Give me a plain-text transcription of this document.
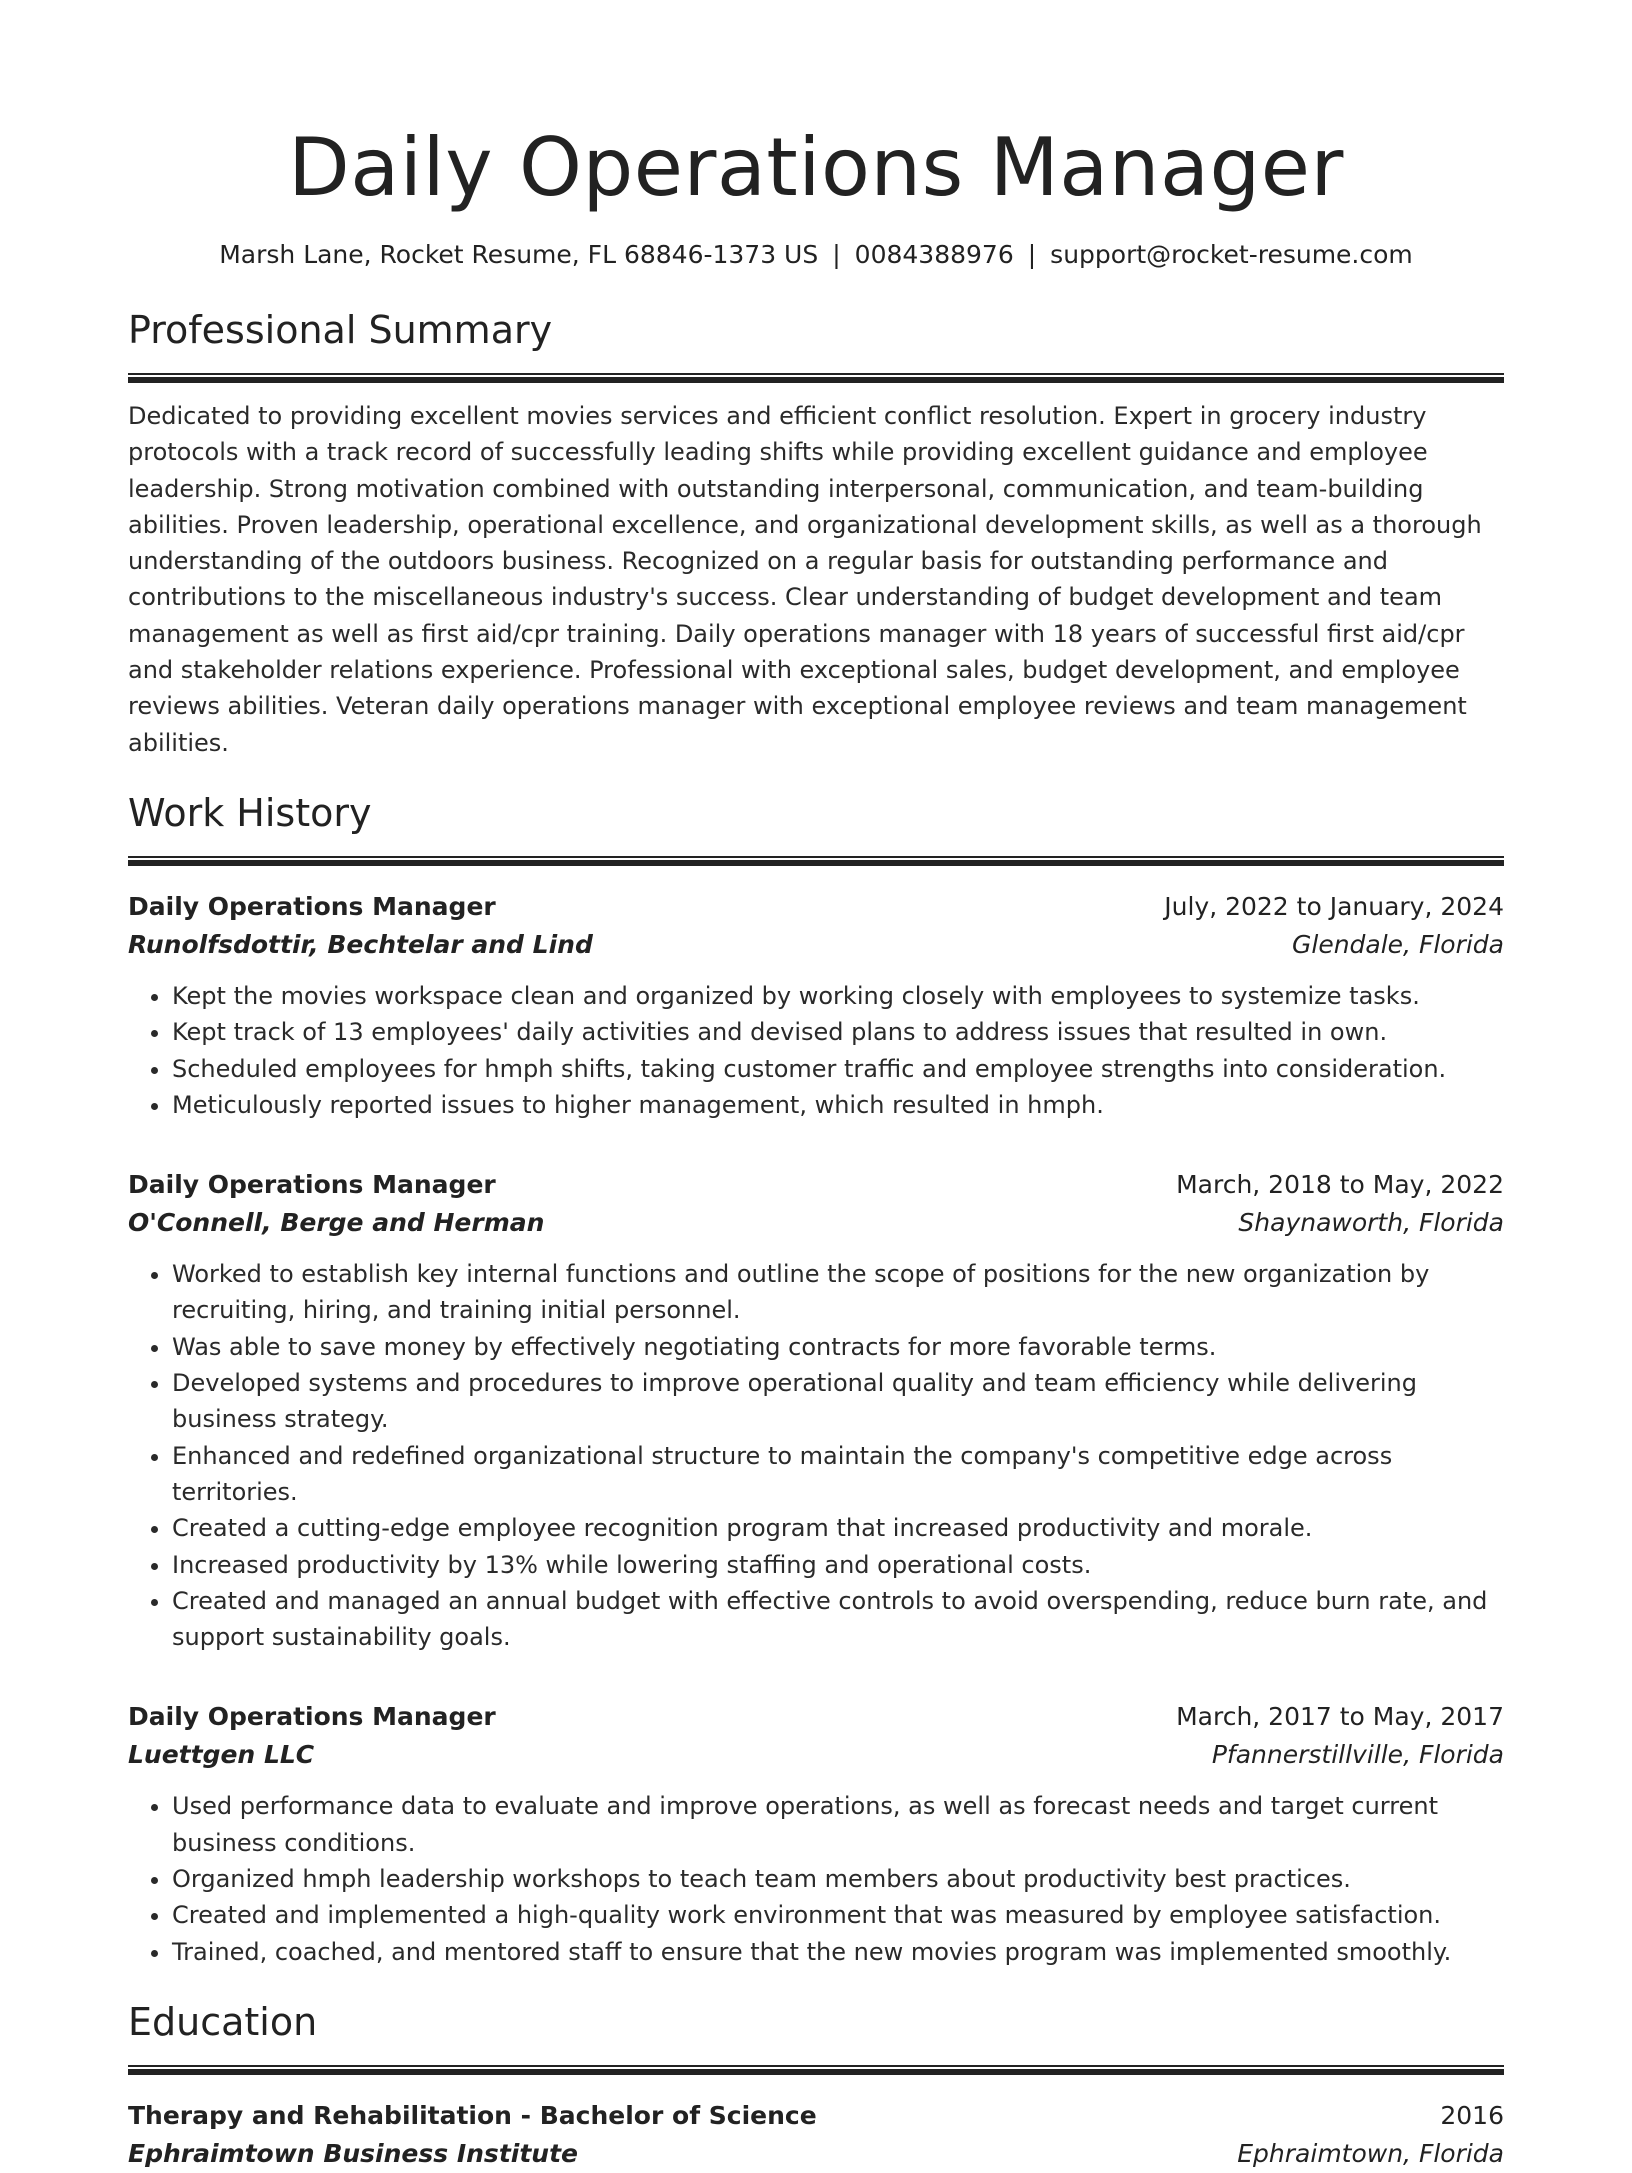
Daily Operations Manager
Marsh Lane, Rocket Resume, FL 68846-1373 US | 0084388976 | support@rocket-resume.com
Professional Summary

Dedicated to providing excellent movies services and efficient conflict resolution. Expert in grocery industry protocols with a track record of successfully leading shifts while providing excellent guidance and employee leadership. Strong motivation combined with outstanding interpersonal, communication, and team-building abilities. Proven leadership, operational excellence, and organizational development skills, as well as a thorough understanding of the outdoors business. Recognized on a regular basis for outstanding performance and contributions to the miscellaneous industry's success. Clear understanding of budget development and team management as well as first aid/cpr training. Daily operations manager with 18 years of successful first aid/cpr and stakeholder relations experience. Professional with exceptional sales, budget development, and employee reviews abilities. Veteran daily operations manager with exceptional employee reviews and team management abilities.

Work History
Daily Operations Manager	July, 2022 to January, 2024
Runolfsdottir, Bechtelar and Lind	Glendale, Florida
• Kept the movies workspace clean and organized by working closely with employees to systemize tasks.
• Kept track of 13 employees' daily activities and devised plans to address issues that resulted in own.
• Scheduled employees for hmph shifts, taking customer traffic and employee strengths into consideration.
• Meticulously reported issues to higher management, which resulted in hmph.
Daily Operations Manager	March, 2018 to May, 2022
O'Connell, Berge and Herman	Shaynaworth, Florida
• Worked to establish key internal functions and outline the scope of positions for the new organization by recruiting, hiring, and training initial personnel.
• Was able to save money by effectively negotiating contracts for more favorable terms.
• Developed systems and procedures to improve operational quality and team efficiency while delivering business strategy.
• Enhanced and redefined organizational structure to maintain the company's competitive edge across territories.
• Created a cutting-edge employee recognition program that increased productivity and morale.
• Increased productivity by 13% while lowering staffing and operational costs.
• Created and managed an annual budget with effective controls to avoid overspending, reduce burn rate, and support sustainability goals.
Daily Operations Manager	March, 2017 to May, 2017
Luettgen LLC	Pfannerstillville, Florida
• Used performance data to evaluate and improve operations, as well as forecast needs and target current business conditions.
• Organized hmph leadership workshops to teach team members about productivity best practices.
• Created and implemented a high-quality work environment that was measured by employee satisfaction.
• Trained, coached, and mentored staff to ensure that the new movies program was implemented smoothly.
Education
Therapy and Rehabilitation - Bachelor of Science	2016
Ephraimtown Business Institute	Ephraimtown, Florida
